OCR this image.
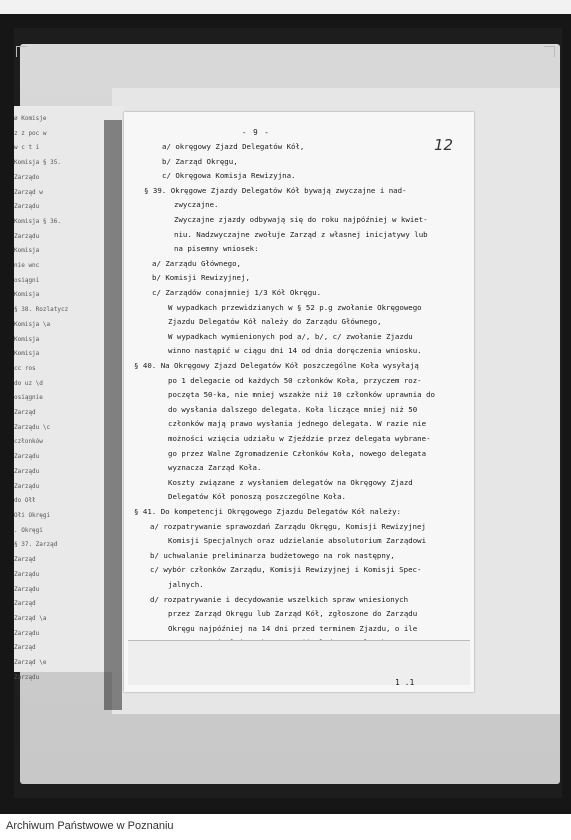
ø Komisje
z z poc w
w c t i
Komisja § 35.
Zarządo
Zarząd w
Zarządu
Komisja § 36.
Zarządu
Komisja
nie wnc
osiągni
Komisja
§ 38. Rozlatycz
Komisja \a
Komisja
Komisja
cc ros
do uz \d
osiągnie
Zarząd
Zarządu \c
członków
Zarządu
Zarządu
Zarządu
do Ołł
Ołi Okręgi
. Okręgi
§ 37. Zarząd
Zarząd
Zarządu
Zarządu
Zarząd
Zarząd \a
Zarządu
Zarząd
Zarząd \e
Zarządu
- 9 -
12
a/ okręgowy Zjazd Delegatów Kół,
b/ Zarząd Okręgu,
c/ Okręgowa Komisja Rewizyjna.
§ 39. Okręgowe Zjazdy Delegatów Kół bywają zwyczajne i nad-
zwyczajne.
Zwyczajne zjazdy odbywają się do roku najpóźniej w kwiet-
niu. Nadzwyczajne zwołuje Zarząd z własnej inicjatywy lub
na pisemny wniosek:
a/ Zarządu Głównego,
b/ Komisji Rewizyjnej,
c/ Zarządów conajmniej 1/3 Kół Okręgu.
W wypadkach przewidzianych w § 52 p.g zwołanie Okręgowego
Zjazdu Delegatów Kół należy do Zarządu Głównego,
W wypadkach wymienionych pod a/, b/, c/ zwołanie Zjazdu
winno nastąpić w ciągu dni 14 od dnia doręczenia wniosku.
§ 40. Na Okręgowy Zjazd Delegatów Kół poszczególne Koła wysyłają
po 1 delegacie od każdych 50 członków Koła, przyczem roz-
poczęta 50-ka, nie mniej wszakże niż 10 członków uprawnia do
do wysłania dalszego delegata. Koła liczące mniej niż 50
członków mają prawo wysłania jednego delegata. W razie nie
możności wzięcia udziału w Zjeździe przez delegata wybrane-
go przez Walne Zgromadzenie Członków Koła, nowego delegata
wyznacza Zarząd Koła.
Koszty związane z wysłaniem delegatów na Okręgowy Zjazd
Delegatów Kół ponoszą poszczególne Koła.
§ 41. Do kompetencji Okręgowego Zjazdu Delegatów Kół należy:
a/ rozpatrywanie sprawozdań Zarządu Okręgu, Komisji Rewizyjnej
Komisji Specjalnych oraz udzielanie absolutorium Zarządowi
b/ uchwalanie preliminarza budżetowego na rok następny,
c/ wybór członków Zarządu, Komisji Rewizyjnej i Komisji Spec-
jalnych.
d/ rozpatrywanie i decydowanie wszelkich spraw wniesionych
przez Zarząd Okręgu lub Zarząd Kół, zgłoszone do Zarządu
Okręgu najpóźniej na 14 dni przed terminem Zjazdu, o ile
1 .1
Archiwum Państwowe w Poznaniu
